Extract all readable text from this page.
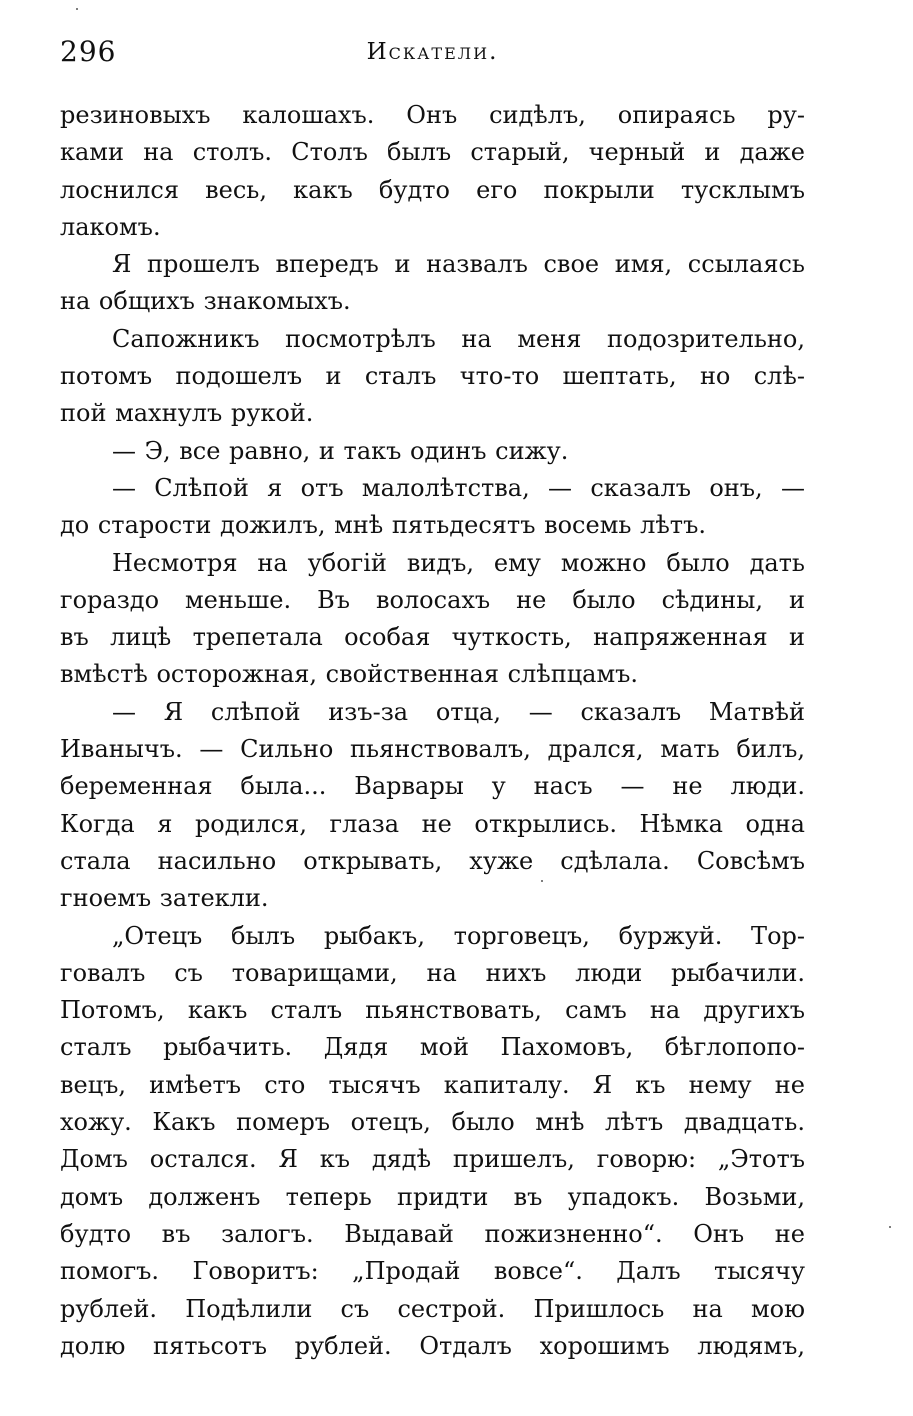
296	Искатели.
резиновыхъ калошахъ. Онъ сидѣлъ, опираясь ру-
ками на столъ. Столъ былъ старый, черный и даже
лоснился весь, какъ будто его покрыли тусклымъ
лакомъ.
Я прошелъ впередъ и назвалъ свое имя, ссылаясь
на общихъ знакомыхъ.
Сапожникъ посмотрѣлъ на меня подозрительно,
потомъ подошелъ и сталъ что-то шептать, но слѣ-
пой махнулъ рукой.
— Э, все равно, и такъ одинъ сижу.
— Слѣпой я отъ малолѣтства, — сказалъ онъ, —
до старости дожилъ, мнѣ пятьдесятъ восемь лѣтъ.
Несмотря на убогій видъ, ему можно было дать
гораздо меньше. Въ волосахъ не было сѣдины, и
въ лицѣ трепетала особая чуткость, напряженная и
вмѣстѣ осторожная, свойственная слѣпцамъ.
— Я слѣпой изъ-за отца, — сказалъ Матвѣй
Иванычъ. — Сильно пьянствовалъ, дрался, мать билъ,
беременная была... Варвары у насъ — не люди.
Когда я родился, глаза не открылись. Нѣмка одна
стала насильно открывать, хуже сдѣлала. Совсѣмъ
гноемъ затекли.
„Отецъ былъ рыбакъ, торговецъ, буржуй. Тор-
говалъ съ товарищами, на нихъ люди рыбачили.
Потомъ, какъ сталъ пьянствовать, самъ на другихъ
сталъ рыбачить. Дядя мой Пахомовъ, бѣглопопо-
вецъ, имѣетъ сто тысячъ капиталу. Я къ нему не
хожу. Какъ померъ отецъ, было мнѣ лѣтъ двадцать.
Домъ остался. Я къ дядѣ пришелъ, говорю: „Этотъ
домъ долженъ теперь придти въ упадокъ. Возьми,
будто въ залогъ. Выдавай пожизненно“. Онъ не
помогъ. Говоритъ: „Продай вовсе“. Далъ тысячу
рублей. Подѣлили съ сестрой. Пришлось на мою
долю пятьсотъ рублей. Отдалъ хорошимъ людямъ,
